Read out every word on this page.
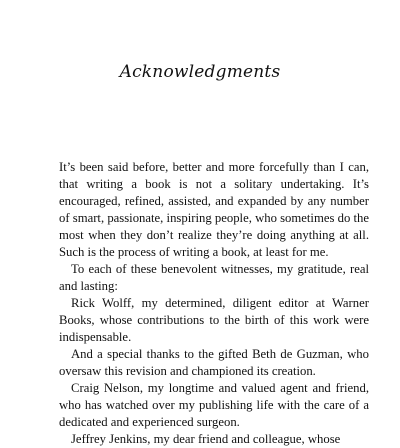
Acknowledgments

It’s been said before, better and more forcefully than I can, that writing a book is not a solitary undertaking. It’s encouraged, refined, assisted, and expanded by any number of smart, passionate, inspiring people, who sometimes do the most when they don’t realize they’re doing anything at all. Such is the process of writing a book, at least for me.

To each of these benevolent witnesses, my gratitude, real and lasting:

Rick Wolff, my determined, diligent editor at Warner Books, whose contributions to the birth of this work were indispensable.

And a special thanks to the gifted Beth de Guzman, who oversaw this revision and championed its creation.

Craig Nelson, my longtime and valued agent and friend, who has watched over my publishing life with the care of a dedicated and experienced surgeon.

Jeffrey Jenkins, my dear friend and colleague, whose
